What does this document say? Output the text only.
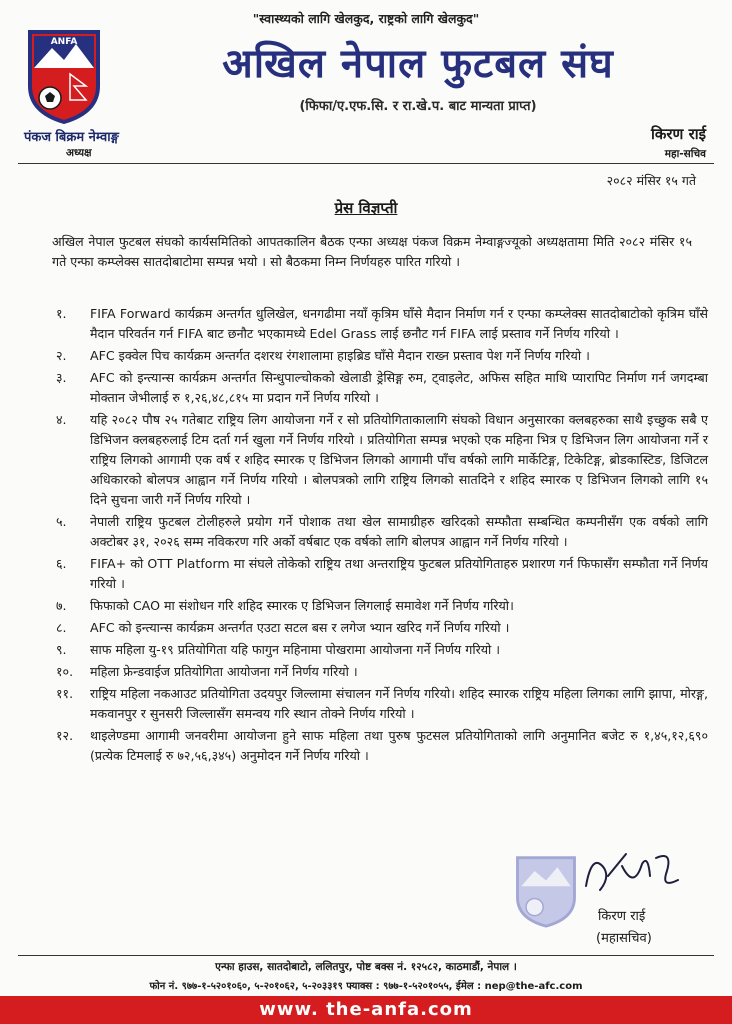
"स्वास्थ्यको लागि खेलकुद, राष्ट्रको लागि खेलकुद"
ANFA	अखिल नेपाल फुटबल संघ
(फिफा/ए.एफ.सि. र रा.खे.प. बाट मान्यता प्राप्त)
पंकज बिक्रम नेम्वाङ्ग
अध्यक्ष
किरण राई
महा-सचिव
२०८२ मंसिर १५ गते
प्रेस विज्ञप्ती
अखिल नेपाल फुटबल संघको कार्यसमितिको आपतकालिन बैठक एन्फा अध्यक्ष पंकज विक्रम नेम्वाङ्गज्यूको अध्यक्षतामा मिति २०८२ मंसिर १५ गते एन्फा कम्प्लेक्स सातदोबाटोमा सम्पन्न भयो । सो बैठकमा निम्न निर्णयहरु पारित गरियो ।
१.	FIFA Forward कार्यक्रम अन्तर्गत धुलिखेल, धनगढीमा नयाँ कृत्रिम घाँसे मैदान निर्माण गर्न र एन्फा कम्प्लेक्स सातदोबाटोको कृत्रिम घाँसे मैदान परिवर्तन गर्न FIFA बाट छनौट भएकामध्ये Edel Grass लाई छनौट गर्न FIFA लाई प्रस्ताव गर्ने निर्णय गरियो ।
२.	AFC इक्वेल पिच कार्यक्रम अन्तर्गत दशरथ रंगशालामा हाइब्रिड घाँसे मैदान राख्न प्रस्ताव पेश गर्ने निर्णय गरियो ।
३.	AFC को इन्त्यान्स कार्यक्रम अन्तर्गत सिन्धुपाल्चोकको खेलाडी ड्रेसिङ्ग रुम, ट्वाइलेट, अफिस सहित माथि प्यारापिट निर्माण गर्न जगदम्बा मोक्तान जेभीलाई रु १,२६,४८,८१५ मा प्रदान गर्ने निर्णय गरियो ।
४.	यहि २०८२ पौष २५ गतेबाट राष्ट्रिय लिग आयोजना गर्ने र सो प्रतियोगिताकालागि संघको विधान अनुसारका क्लबहरुका साथै इच्छुक सबै ए डिभिजन क्लबहरुलाई टिम दर्ता गर्न खुला गर्ने निर्णय गरियो । प्रतियोगिता सम्पन्न भएको एक महिना भित्र ए डिभिजन लिग आयोजना गर्ने र राष्ट्रिय लिगको आगामी एक वर्ष र शहिद स्मारक ए डिभिजन लिगको आगामी पाँच वर्षको लागि मार्केटिङ्ग, टिकेटिङ्ग, ब्रोडकास्टिङ, डिजिटल अधिकारको बोलपत्र आह्वान गर्ने निर्णय गरियो । बोलपत्रको लागि राष्ट्रिय लिगको सातदिने र शहिद स्मारक ए डिभिजन लिगको लागि १५ दिने सुचना जारी गर्ने निर्णय गरियो ।
५.	नेपाली राष्ट्रिय फुटबल टोलीहरुले प्रयोग गर्ने पोशाक तथा खेल सामाग्रीहरु खरिदको सम्फौता सम्बन्धित कम्पनीसँग एक वर्षको लागि अक्टोबर ३१, २०२६ सम्म नविकरण गरि अर्को वर्षबाट एक वर्षको लागि बोलपत्र आह्वान गर्ने निर्णय गरियो ।
६.	FIFA+ को OTT Platform मा संघले तोकेको राष्ट्रिय तथा अन्तराष्ट्रिय फुटबल प्रतियोगिताहरु प्रशारण गर्न फिफासँग सम्फौता गर्ने निर्णय गरियो ।
७.	फिफाको CAO मा संशोधन गरि शहिद स्मारक ए डिभिजन लिगलाई समावेश गर्ने निर्णय गरियो।
८.	AFC को इन्त्यान्स कार्यक्रम अन्तर्गत एउटा सटल बस र लगेज भ्यान खरिद गर्ने निर्णय गरियो ।
९.	साफ महिला यु-१९ प्रतियोगिता यहि फागुन महिनामा पोखरामा आयोजना गर्ने निर्णय गरियो ।
१०.	महिला फ्रेन्डवाईज प्रतियोगिता आयोजना गर्ने निर्णय गरियो ।
११.	राष्ट्रिय महिला नकआउट प्रतियोगिता उदयपुर जिल्लामा संचालन गर्ने निर्णय गरियो। शहिद स्मारक राष्ट्रिय महिला लिगका लागि झापा, मोरङ्ग, मकवानपुर र सुनसरी जिल्लासँग समन्वय गरि स्थान तोक्ने निर्णय गरियो ।
१२.	थाइलेण्डमा आगामी जनवरीमा आयोजना हुने साफ महिला तथा पुरुष फुटसल प्रतियोगिताको लागि अनुमानित बजेट रु १,४५,१२,६९० (प्रत्येक टिमलाई रु ७२,५६,३४५) अनुमोदन गर्ने निर्णय गरियो ।
किरण राई
(महासचिव)
एन्फा हाउस, सातदोबाटो, ललितपुर, पोष्ट बक्स नं. १२५८२, काठमाडौं, नेपाल ।
फोन नं. ९७७-१-५२०१०६०, ५-२०१०६२, ५-२०३३१९ फ्याक्स : ९७७-१-५२०१०५५, ईमेल : nep@the-afc.com
www. the-anfa.com
